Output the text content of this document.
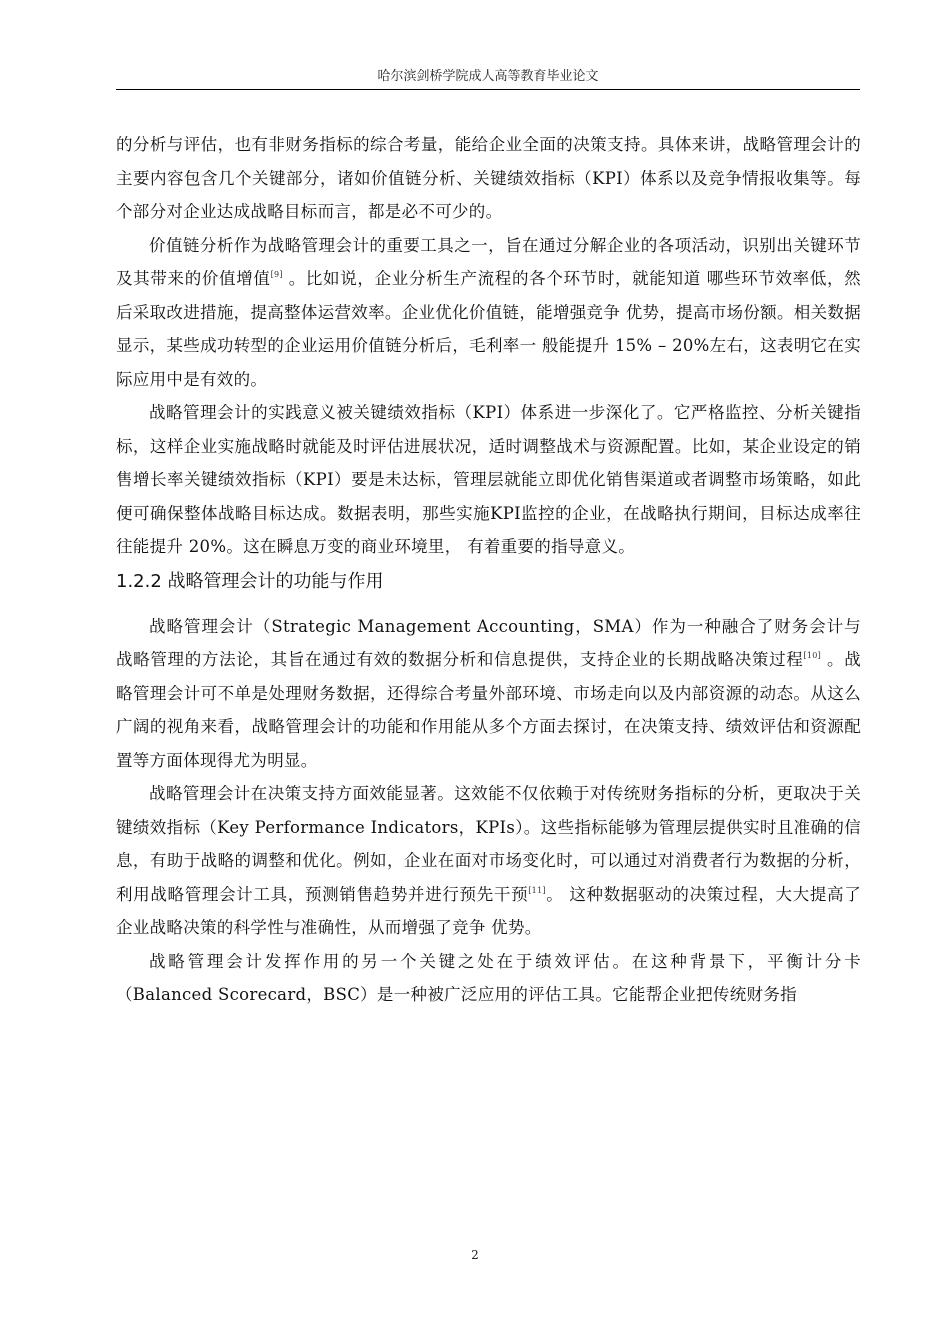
哈尔滨剑桥学院成人高等教育毕业论文

的分析与评估，也有非财务指标的综合考量，能给企业全面的决策支持。具体来讲，战略管理会计的主要内容包含几个关键部分，诸如价值链分析、关键绩效指标（KPI）体系以及竞争情报收集等。每个部分对企业达成战略目标而言，都是必不可少的。

价值链分析作为战略管理会计的重要工具之一，旨在通过分解企业的各项活动，识别出关键环节及其带来的价值增值[9] 。比如说，企业分析生产流程的各个环节时，就能知道 哪些环节效率低，然后采取改进措施，提高整体运营效率。企业优化价值链，能增强竞争 优势，提高市场份额。相关数据显示，某些成功转型的企业运用价值链分析后，毛利率一 般能提升 15% – 20%左右，这表明它在实际应用中是有效的。

战略管理会计的实践意义被关键绩效指标（KPI）体系进一步深化了。它严格监控、分析关键指标，这样企业实施战略时就能及时评估进展状况，适时调整战术与资源配置。比如，某企业设定的销售增长率关键绩效指标（KPI）要是未达标，管理层就能立即优化销售渠道或者调整市场策略，如此便可确保整体战略目标达成。数据表明，那些实施KPI监控的企业，在战略执行期间，目标达成率往往能提升 20%。这在瞬息万变的商业环境里， 有着重要的指导意义。

1.2.2 战略管理会计的功能与作用

战略管理会计（Strategic Management Accounting，SMA）作为一种融合了财务会计与战略管理的方法论，其旨在通过有效的数据分析和信息提供，支持企业的长期战略决策过程[10] 。战略管理会计可不单是处理财务数据，还得综合考量外部环境、市场走向以及内部资源的动态。从这么广阔的视角来看，战略管理会计的功能和作用能从多个方面去探讨，在决策支持、绩效评估和资源配置等方面体现得尤为明显。

战略管理会计在决策支持方面效能显著。这效能不仅依赖于对传统财务指标的分析，更取决于关键绩效指标（Key Performance Indicators，KPIs）。这些指标能够为管理层提供实时且准确的信息，有助于战略的调整和优化。例如，企业在面对市场变化时，可以通过对消费者行为数据的分析，利用战略管理会计工具，预测销售趋势并进行预先干预[11]。 这种数据驱动的决策过程，大大提高了企业战略决策的科学性与准确性，从而增强了竞争 优势。

战略管理会计发挥作用的另一个关键之处在于绩效评估。在这种背景下，平衡计分卡（Balanced Scorecard，BSC）是一种被广泛应用的评估工具。它能帮企业把传统财务指

2
